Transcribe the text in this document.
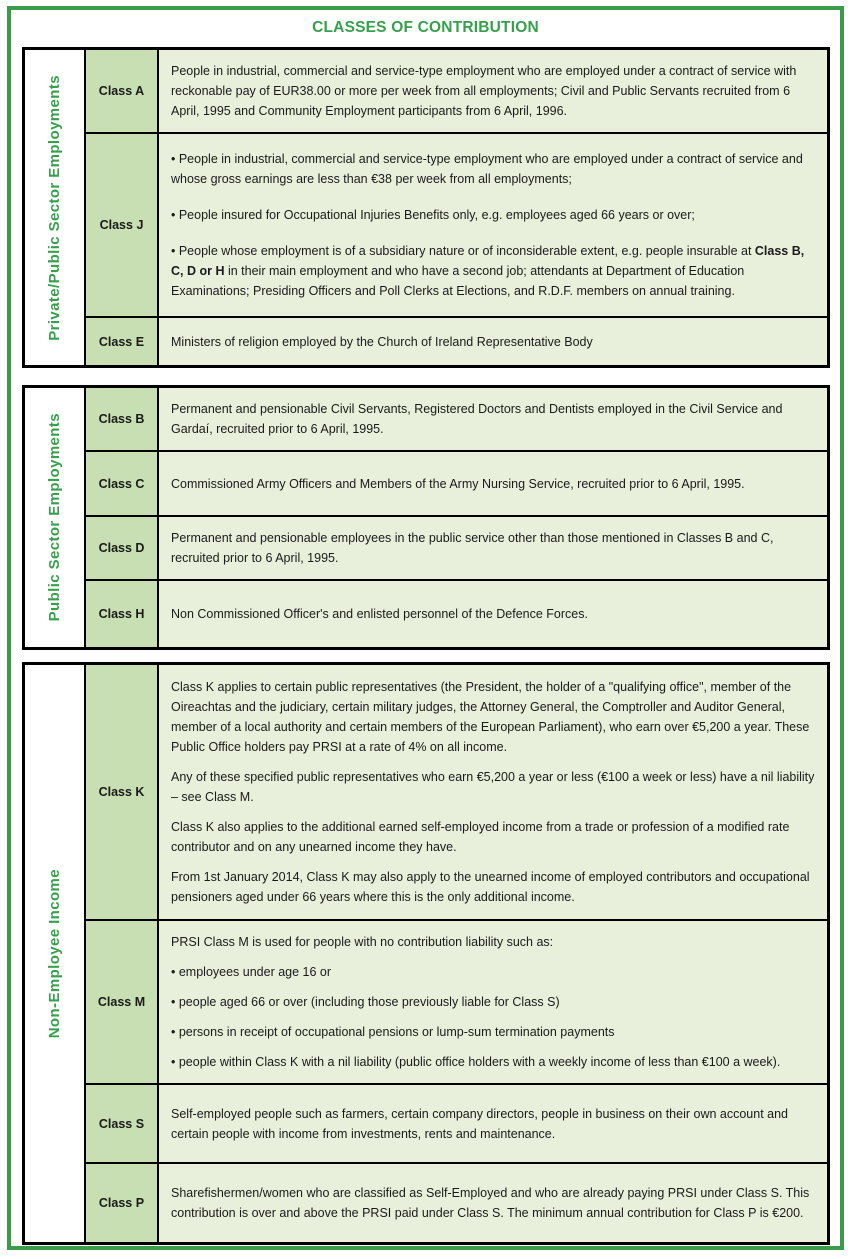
CLASSES OF CONTRIBUTION
Private/Public Sector Employments	Class A

People in industrial, commercial and service-type employment who are employed under a contract of service with reckonable pay of EUR38.00 or more per week from all employments; Civil and Public Servants recruited from 6 April, 1995 and Community Employment participants from 6 April, 1996.

Class J

• People in industrial, commercial and service-type employment who are employed under a contract of service and whose gross earnings are less than €38 per week from all employments;

• People insured for Occupational Injuries Benefits only, e.g. employees aged 66 years or over;

• People whose employment is of a subsidiary nature or of inconsiderable extent, e.g. people insurable at Class B, C, D or H in their main employment and who have a second job; attendants at Department of Education Examinations; Presiding Officers and Poll Clerks at Elections, and R.D.F. members on annual training.

Class E Ministers of religion employed by the Church of Ireland Representative Body

Public Sector Employments	Class B

Permanent and pensionable Civil Servants, Registered Doctors and Dentists employed in the Civil Service and Gardaí, recruited prior to 6 April, 1995.

Class C Commissioned Army Officers and Members of the Army Nursing Service, recruited prior to 6 April, 1995.

Class D

Permanent and pensionable employees in the public service other than those mentioned in Classes B and C, recruited prior to 6 April, 1995.

Class H Non Commissioned Officer's and enlisted personnel of the Defence Forces.

Non-Employee Income
Class K

Class K applies to certain public representatives (the President, the holder of a "qualifying office", member of the Oireachtas and the judiciary, certain military judges, the Attorney General, the Comptroller and Auditor General, member of a local authority and certain members of the European Parliament), who earn over €5,200 a year. These Public Office holders pay PRSI at a rate of 4% on all income.

Any of these specified public representatives who earn €5,200 a year or less (€100 a week or less) have a nil liability – see Class M.

Class K also applies to the additional earned self-employed income from a trade or profession of a modified rate contributor and on any unearned income they have.

From 1st January 2014, Class K may also apply to the unearned income of employed contributors and occupational pensioners aged under 66 years where this is the only additional income.

Class M

PRSI Class M is used for people with no contribution liability such as:

• employees under age 16 or

• people aged 66 or over (including those previously liable for Class S)

• persons in receipt of occupational pensions or lump-sum termination payments

• people within Class K with a nil liability (public office holders with a weekly income of less than €100 a week).

Class S

Self-employed people such as farmers, certain company directors, people in business on their own account and certain people with income from investments, rents and maintenance.

Class P

Sharefishermen/women who are classified as Self-Employed and who are already paying PRSI under Class S. This contribution is over and above the PRSI paid under Class S. The minimum annual contribution for Class P is €200.
